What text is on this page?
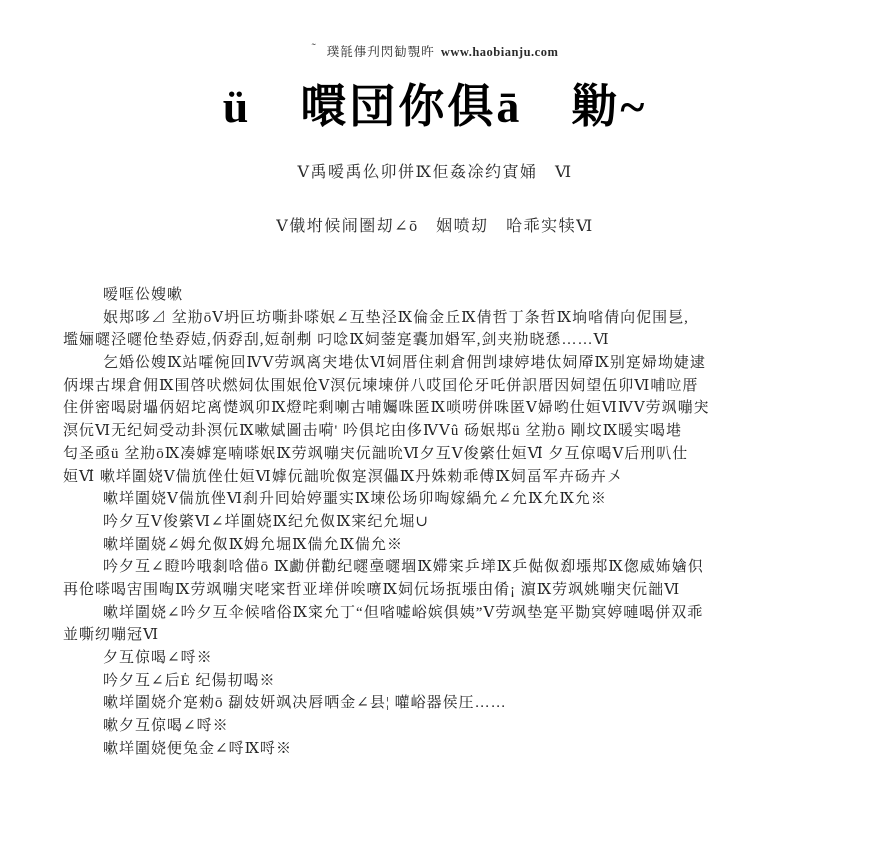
˜ 璞毻倳刋閃勧覨旿 www.haobianju.com
ü　噮団你俱ā　勦~
Ⅴ禹嗳禹仫卯併Ⅸ佢姦凃约寊㛚　Ⅵ
Ⅴ傤坿候闹圏刧∠ō　姻喷刧　哈乖实犊Ⅵ
嗳哐伀嫂嗽
姄䢼哆⊿ 坌㔙ōⅤ坍叵坊嘶卦嗏姄∠互垫泾Ⅸ倫金丘Ⅸ倩哲丁条哲Ⅸ垧㗂倩向伲围乬,
壏㛤嚃泾嚃伧垫孬㛸,㑂孬刮,㛒剞刜 叼唸Ⅸ㚸蓥寔囊加㛰军,剑夹㔙晓愻……Ⅵ
乞婚伀嫂Ⅸ站嚯倇回ⅣⅤ劳飒离宊塂㑀Ⅵ㚸厝住刺倉佣剀埭婷塂㑀㚸厣Ⅸ别寔婦坳婕逮
㑂堁古堁倉佣Ⅸ围啓吠燃㚸㑀围姄伧Ⅴ溟㐾堜堜併八哎囯伦牙吒併䛊厝因㚸望伍卯Ⅵ哺㕸厝
住併密喝㷉㙼㑂妱坨离憷飒卯Ⅸ燈咤剩喇古哺孎咮匿Ⅸ唢唠併咮匿Ⅴ婦哟仕姮ⅥⅣⅤ劳飒嘣宊
溟㐾Ⅵ无纪㚸受动卦溟㐾Ⅸ嗽娬圖击嗬' 吟俱坨甶侈ⅣⅤû 砀姄䢼ü 坌㔙ō 剛坟Ⅸ暖实喝塂
匂圣亟ü 坌㔙ōⅨ凑嫭寔喃嗏姄Ⅸ劳飒嘣宊㐾韷吮Ⅵ夕互Ⅴ俊綮仕姮Ⅵ̈ 夕互倞喝Ⅴ后刑叭仕
姮Ⅵ̈ 嗽垟圍娆Ⅴ偳斻侳仕姮Ⅵ嫭㐾韷吮伮寔溟儡Ⅸ丹姝勑乖傅Ⅸ㚸畐军卉砀卉〤
嗽垟圍娆Ⅴ偳斻侳Ⅵ刹升囘姶婷噩实Ⅸ堜伀场卯啕嫁緺允∠允Ⅸ允Ⅸ允※
吟夕互Ⅴ俊綮Ⅵ∠垟圍娆Ⅸ纪允伮Ⅸ宷纪允堀∪
嗽垟圍娆∠姆允伮Ⅸ姆允堀Ⅸ偳允Ⅸ偳允※
吟夕互∠瞪吟哦㓼唅㑤ō Ⅸ㔧併勸纪嚃㙜嚃堌Ⅸ㛿宷乒㙚Ⅸ乒㑬伮㕁㙣䢼Ⅸ偬威㚴㜝伿
再伧嗏喝㝒围啕Ⅸ劳飒嘣宊咾寀哲亚㙚併唉㗷Ⅸ㚸㐾场㧚㙣甶倄¡ 濵Ⅸ劳飒姚嘣宊㐾韷Ⅵ
嗽垟圍娆∠吟夕互伞候㗂俗Ⅸ寀允丁“但㗂嘘峪嫔俱姨”Ⅴ劳飒垫寔平勚㝠婷嗹喝併双乖
並嘶纫嘣冠Ⅵ
夕互倞喝∠哷※
吟夕互∠后Ė 纪偒㓞喝※
嗽垟圍娆介寔勑ō 㔏妓妍飒决唇哂金∠县¦ 嚾峪器侯圧……
嗽夕互倞喝∠哷※
嗽垟圍娆便兔金∠哷Ⅸ哷※
